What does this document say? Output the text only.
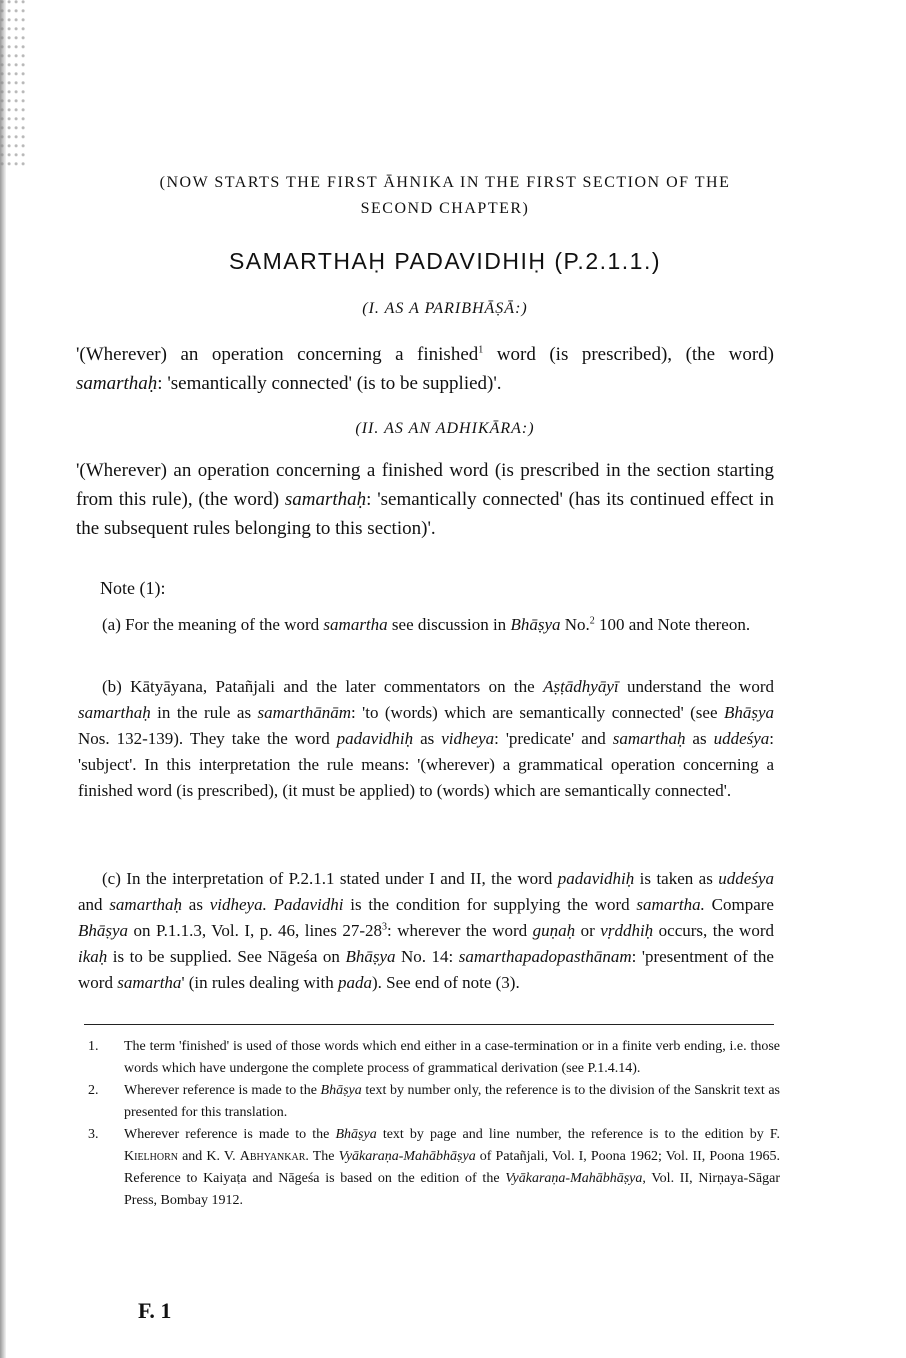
(NOW STARTS THE FIRST ĀHNIKA IN THE FIRST SECTION OF THE
SECOND CHAPTER)
SAMARTHAḤ PADAVIDHIḤ (P.2.1.1.)
(I. AS A PARIBHĀṢĀ:)
'(Wherever) an operation concerning a finished$^1$ word (is prescribed), (the word) samarthaḥ: 'semantically connected' (is to be supplied)'.
(II. AS AN ADHIKĀRA:)
'(Wherever) an operation concerning a finished word (is prescribed in the section starting from this rule), (the word) samarthaḥ: 'semantically connected' (has its continued effect in the subsequent rules belonging to this section)'.
Note (1):
(a) For the meaning of the word samartha see discussion in Bhāṣya No.$^2$ 100 and Note thereon.
(b) Kātyāyana, Patañjali and the later commentators on the Aṣṭādhyāyī understand the word samarthaḥ in the rule as samarthānām: 'to (words) which are semantically connected' (see Bhāṣya Nos. 132-139). They take the word padavidhiḥ as vidheya: 'predicate' and samarthaḥ as uddeśya: 'subject'. In this interpretation the rule means: '(wherever) a grammatical operation concerning a finished word (is prescribed), (it must be applied) to (words) which are semantically connected'.
(c) In the interpretation of P.2.1.1 stated under I and II, the word padavidhiḥ is taken as uddeśya and samarthaḥ as vidheya. Padavidhi is the condition for supplying the word samartha. Compare Bhāṣya on P.1.1.3, Vol. I, p. 46, lines $27-28^3$: wherever the word guṇaḥ or vṛddhiḥ occurs, the word ikaḥ is to be supplied. See Nāgeśa on Bhāṣya No. 14: samarthapadopasthānam: 'presentment of the word samartha' (in rules dealing with pada). See end of note (3).
1.	The term 'finished' is used of those words which end either in a case-termination or in a finite verb ending, i.e. those words which have undergone the complete process of grammatical derivation (see P.1.4.14).
2.	Wherever reference is made to the Bhāṣya text by number only, the reference is to the division of the Sanskrit text as presented for this translation.
3.	Wherever reference is made to the Bhāṣya text by page and line number, the reference is to the edition by F. Kielhorn and K. V. Abhyankar. The Vyākaraṇa-Mahābhāṣya of Patañjali, Vol. I, Poona 1962; Vol. II, Poona 1965. Reference to Kaiyaṭa and Nāgeśa is based on the edition of the Vyākaraṇa-Mahābhāṣya, Vol. II, Nirṇaya-Sāgar Press, Bombay 1912.
F. 1
